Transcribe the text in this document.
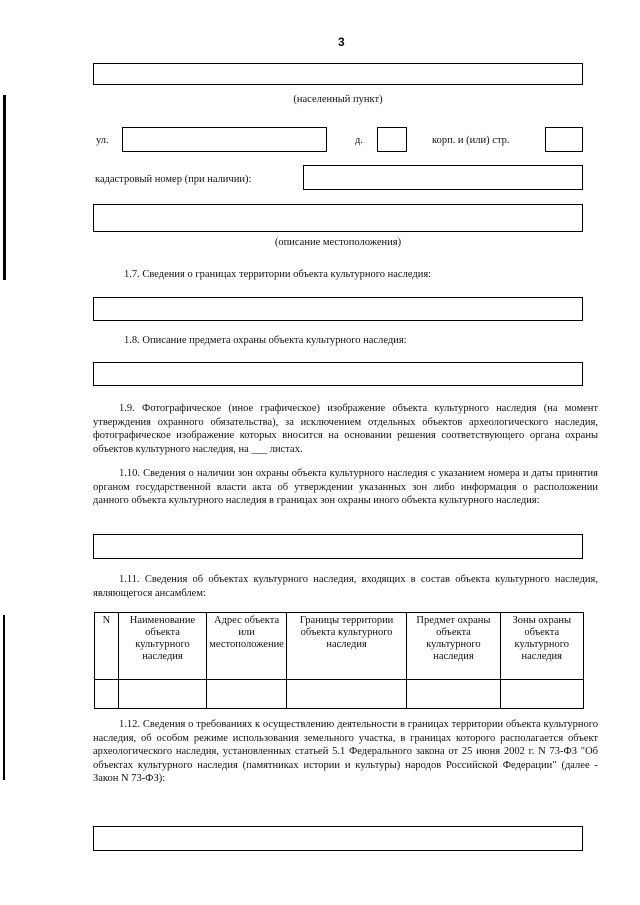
3
(населенный пункт)
ул.	д.	корп. и (или) стр.
кадастровый номер (при наличии):
(описание местоположения)
1.7. Сведения о границах территории объекта культурного наследия:
1.8. Описание предмета охраны объекта культурного наследия:
1.9. Фотографическое (иное графическое) изображение объекта культурного наследия (на момент утверждения охранного обязательства), за исключением отдельных объектов археологического наследия, фотографическое изображение которых вносится на основании решения соответствующего органа охраны объектов культурного наследия, на ___ листах.
1.10. Сведения о наличии зон охраны объекта культурного наследия с указанием номера и даты принятия органом государственной власти акта об утверждении указанных зон либо информация о расположении данного объекта культурного наследия в границах зон охраны иного объекта культурного наследия:
1.11. Сведения об объектах культурного наследия, входящих в состав объекта культурного наследия, являющегося ансамблем:
N	Наименование объекта культурного наследия	Адрес объекта или местоположение	Границы территории объекта культурного наследия	Предмет охраны объекта культурного наследия	Зоны охраны объекта культурного наследия

1.12. Сведения о требованиях к осуществлению деятельности в границах территории объекта культурного наследия, об особом режиме использования земельного участка, в границах которого располагается объект археологического наследия, установленных статьей 5.1 Федерального закона от 25 июня 2002 г. N 73-ФЗ "Об объектах культурного наследия (памятниках истории и культуры) народов Российской Федерации" (далее - Закон N 73-ФЗ):
